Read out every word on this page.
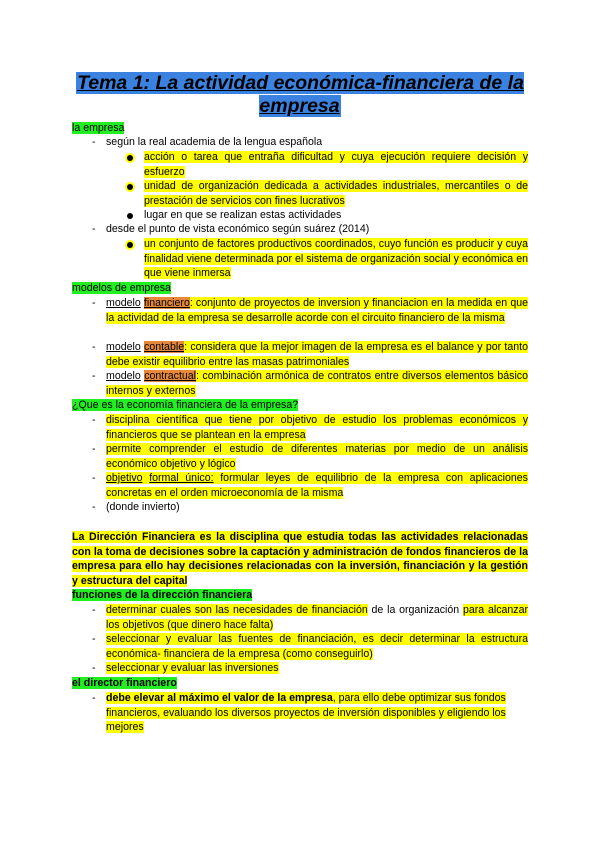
Tema 1: La actividad económica-financiera de la empresa
la empresa
- según la real academia de la lengua española
acción o tarea que entraña dificultad y cuya ejecución requiere decisión y esfuerzo
unidad de organización dedicada a actividades industriales, mercantiles o de prestación de servicios con fines lucrativos
lugar en que se realizan estas actividades
- desde el punto de vista económico según suárez (2014)
un conjunto de factores productivos coordinados, cuyo función es producir y cuya finalidad viene determinada por el sistema de organización social y económica en que viene inmersa
modelos de empresa
- modelo financiero: conjunto de proyectos de inversion y financiacion en la medida en que la actividad de la empresa se desarrolle acorde con el circuito financiero de la misma
- modelo contable: considera que la mejor imagen de la empresa es el balance y por tanto debe existir equilibrio entre las masas patrimoniales
- modelo contractual: combinación armónica de contratos entre diversos elementos básico internos y externos
¿Que es la economía financiera de la empresa?
- disciplina científica que tiene por objetivo de estudio los problemas económicos y financieros que se plantean en la empresa
- permite comprender el estudio de diferentes materias por medio de un análisis económico objetivo y lógico
- objetivo formal único: formular leyes de equilibrio de la empresa con aplicaciones concretas en el orden microeconomía de la misma
- (donde invierto)
La Dirección Financiera es la disciplina que estudia todas las actividades relacionadas con la toma de decisiones sobre la captación y administración de fondos financieros de la empresa para ello hay decisiones relacionadas con la inversión, financiación y la gestión y estructura del capital
funciones de la dirección financiera
- determinar cuales son las necesidades de financiación de la organización para alcanzar los objetivos (que dinero hace falta)
- seleccionar y evaluar las fuentes de financiación, es decir determinar la estructura económica- financiera de la empresa (como conseguirlo)
- seleccionar y evaluar las inversiones
el director financiero
- debe elevar al máximo el valor de la empresa, para ello debe optimizar sus fondos financieros, evaluando los diversos proyectos de inversión disponibles y eligiendo los mejores
